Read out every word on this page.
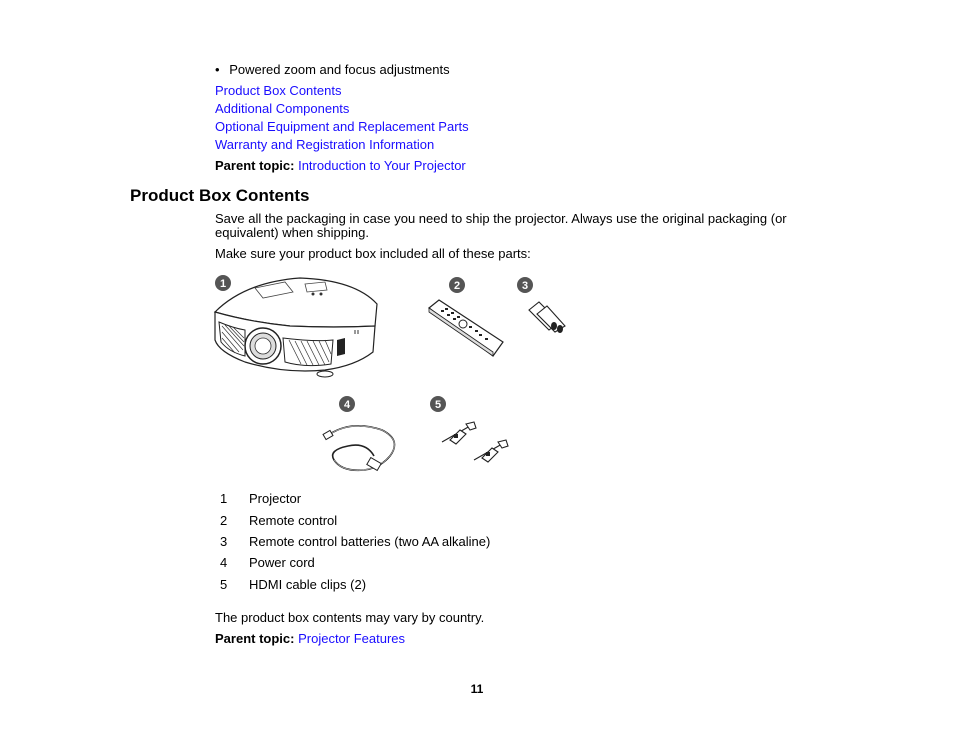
• Powered zoom and focus adjustments
Product Box Contents
Additional Components
Optional Equipment and Replacement Parts
Warranty and Registration Information
Parent topic: Introduction to Your Projector
Product Box Contents
Save all the packaging in case you need to ship the projector. Always use the original packaging (or
equivalent) when shipping.
Make sure your product box included all of these parts:
1	2	3
4	5
1 Projector
2 Remote control
3 Remote control batteries (two AA alkaline)
4 Power cord
5 HDMI cable clips (2)
The product box contents may vary by country.
Parent topic: Projector Features
11
